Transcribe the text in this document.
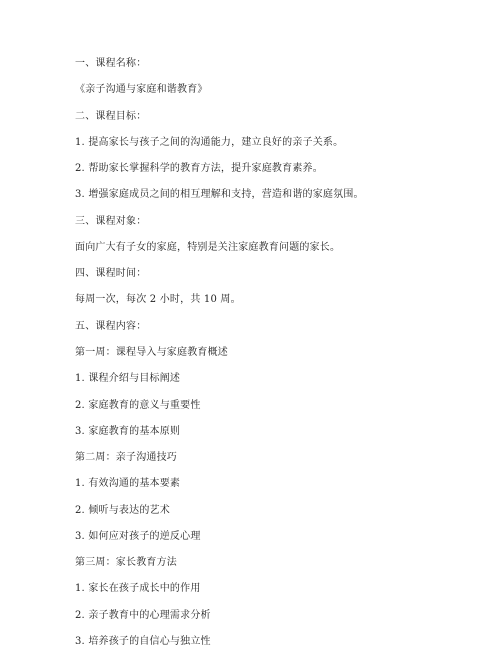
一、课程名称：
《亲子沟通与家庭和谐教育》
二、课程目标：
1. 提高家长与孩子之间的沟通能力，建立良好的亲子关系。
2. 帮助家长掌握科学的教育方法，提升家庭教育素养。
3. 增强家庭成员之间的相互理解和支持，营造和谐的家庭氛围。
三、课程对象：
面向广大有子女的家庭，特别是关注家庭教育问题的家长。
四、课程时间：
每周一次，每次 2 小时，共 10 周。
五、课程内容：
第一周：课程导入与家庭教育概述
1. 课程介绍与目标阐述
2. 家庭教育的意义与重要性
3. 家庭教育的基本原则
第二周：亲子沟通技巧
1. 有效沟通的基本要素
2. 倾听与表达的艺术
3. 如何应对孩子的逆反心理
第三周：家长教育方法
1. 家长在孩子成长中的作用
2. 亲子教育中的心理需求分析
3. 培养孩子的自信心与独立性
